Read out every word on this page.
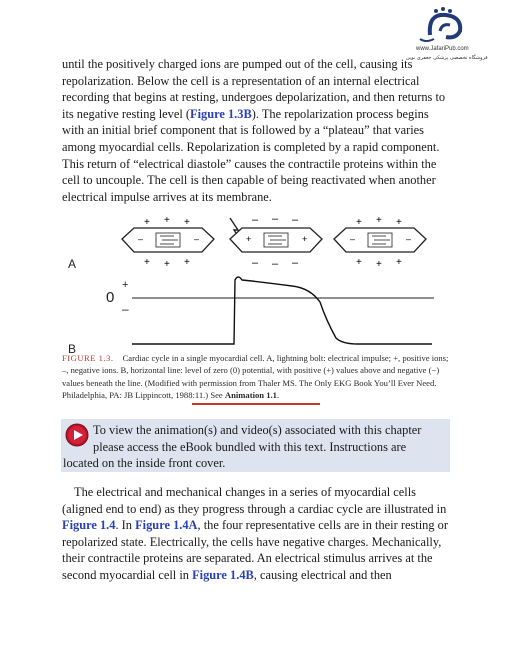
www.JafariPub.com
فروشگاه تخصصی پزشکی جعفری نوین
until the positively charged ions are pumped out of the cell, causing its
repolarization. Below the cell is a representation of an internal electrical
recording that begins at resting, undergoes depolarization, and then returns to
its negative resting level (Figure 1.3B). The repolarization process begins
with an initial brief component that is followed by a “plateau” that varies
among myocardial cells. Repolarization is completed by a rapid component.
This return of “electrical diastole” causes the contractile proteins within the
cell to uncouple. The cell is then capable of being reactivated when another
electrical impulse arrives at its membrane.
+ + +
+ + +
–	–
– – –
– – –
+	+
+ + +
+ + +
–	–
A
B
+
0
–
FIGURE 1.3. Cardiac cycle in a single myocardial cell. A, lightning bolt: electrical impulse; +, positive ions; –, negative ions. B, horizontal line: level of zero (0) potential, with positive (+) values above and negative (−) values beneath the line. (Modified with permission from Thaler MS. The Only EKG Book You’ll Ever Need. Philadelphia, PA: JB Lippincott, 1988:11.) See Animation 1.1.
To view the animation(s) and video(s) associated with this chapter
please access the eBook bundled with this text. Instructions are
located on the inside front cover.
The electrical and mechanical changes in a series of myocardial cells
(aligned end to end) as they progress through a cardiac cycle are illustrated in
Figure 1.4. In Figure 1.4A, the four representative cells are in their resting or
repolarized state. Electrically, the cells have negative charges. Mechanically,
their contractile proteins are separated. An electrical stimulus arrives at the
second myocardial cell in Figure 1.4B, causing electrical and then
